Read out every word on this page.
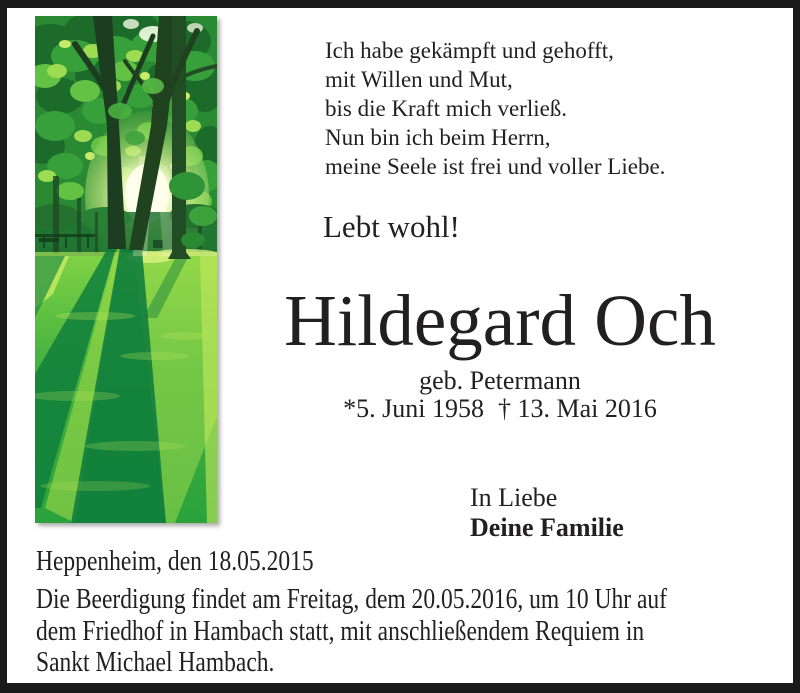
Ich habe gekämpft und gehofft,
mit Willen und Mut,
bis die Kraft mich verließ.
Nun bin ich beim Herrn,
meine Seele ist frei und voller Liebe.
Lebt wohl!
Hildegard Och
geb. Petermann
*5. Juni 1958 † 13. Mai 2016
In Liebe
Deine Familie
Heppenheim, den 18.05.2015
Die Beerdigung findet am Freitag, dem 20.05.2016, um 10 Uhr auf
dem Friedhof in Hambach statt, mit anschließendem Requiem in
Sankt Michael Hambach.
